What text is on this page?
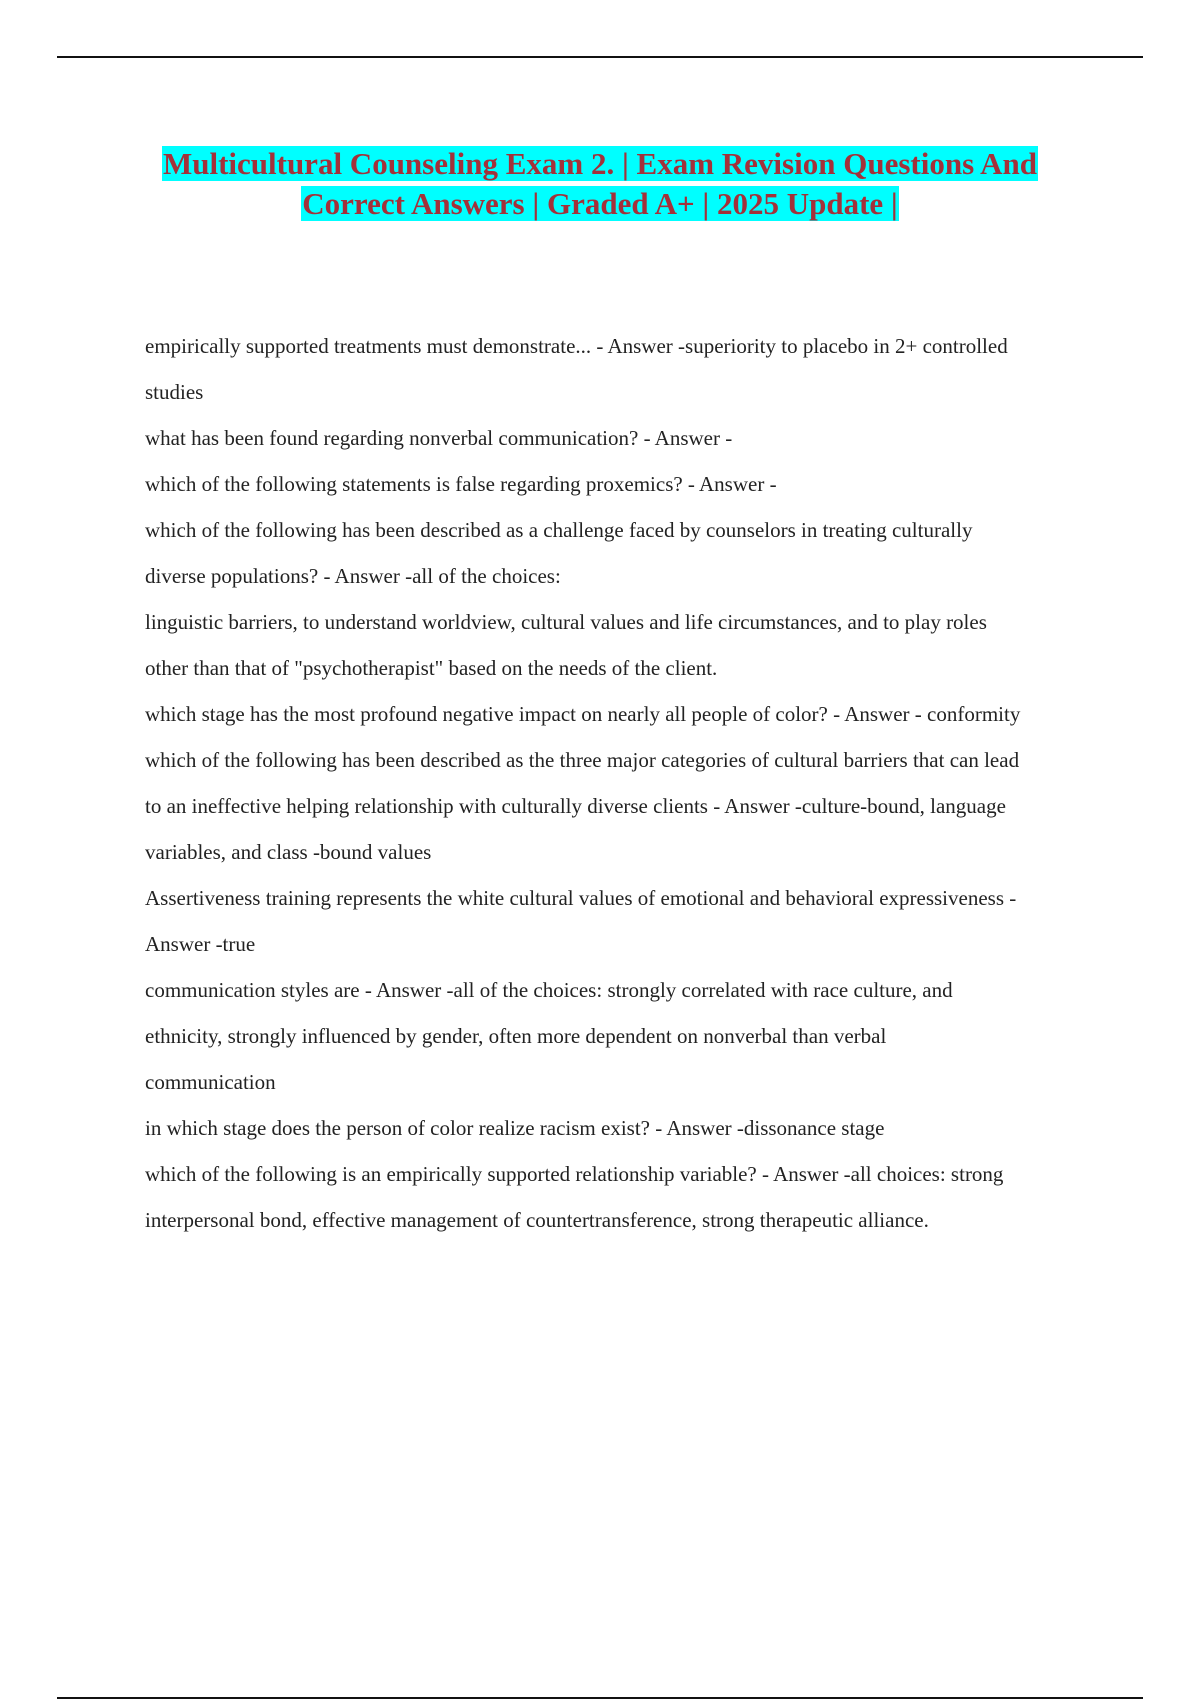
Multicultural Counseling Exam 2. | Exam Revision Questions And
Correct Answers | Graded A+ | 2025 Update |

empirically supported treatments must demonstrate... - Answer -superiority to placebo in 2+ controlled

studies

what has been found regarding nonverbal communication? - Answer -

which of the following statements is false regarding proxemics? - Answer -

which of the following has been described as a challenge faced by counselors in treating culturally

diverse populations? - Answer -all of the choices:

linguistic barriers, to understand worldview, cultural values and life circumstances, and to play roles

other than that of "psychotherapist" based on the needs of the client.

which stage has the most profound negative impact on nearly all people of color? - Answer - conformity

which of the following has been described as the three major categories of cultural barriers that can lead

to an ineffective helping relationship with culturally diverse clients - Answer -culture-bound, language

variables, and class -bound values

Assertiveness training represents the white cultural values of emotional and behavioral expressiveness -

Answer -true

communication styles are - Answer -all of the choices: strongly correlated with race culture, and

ethnicity, strongly influenced by gender, often more dependent on nonverbal than verbal

communication

in which stage does the person of color realize racism exist? - Answer -dissonance stage

which of the following is an empirically supported relationship variable? - Answer -all choices: strong

interpersonal bond, effective management of countertransference, strong therapeutic alliance.
